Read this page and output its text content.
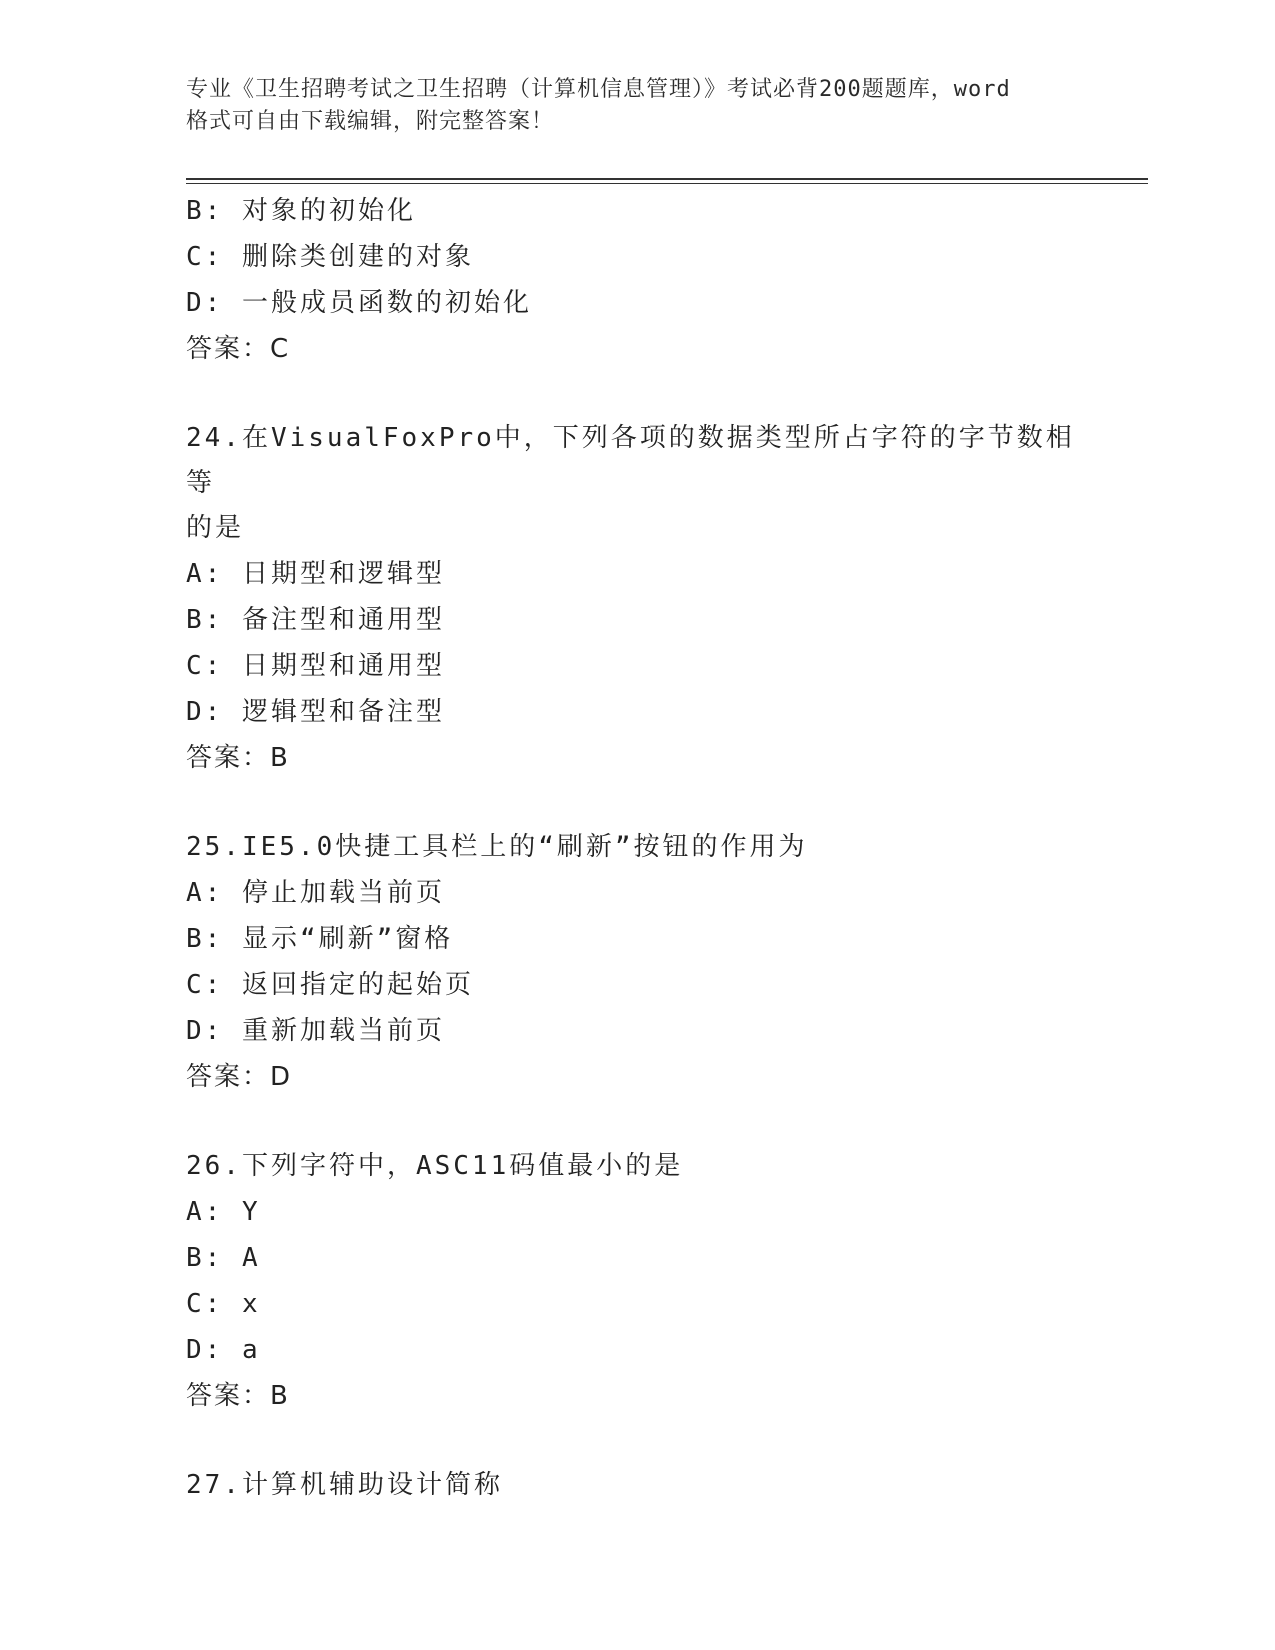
专业《卫生招聘考试之卫生招聘（计算机信息管理）》考试必背200题题库，word
格式可自由下载编辑，附完整答案！
B: 对象的初始化
C: 删除类创建的对象
D: 一般成员函数的初始化
答案：C
24.在VisualFoxPro中，下列各项的数据类型所占字符的字节数相等
的是
A: 日期型和逻辑型
B: 备注型和通用型
C: 日期型和通用型
D: 逻辑型和备注型
答案：B
25.IE5.0快捷工具栏上的“刷新”按钮的作用为
A: 停止加载当前页
B: 显示“刷新”窗格
C: 返回指定的起始页
D: 重新加载当前页
答案：D
26.下列字符中，ASC11码值最小的是
A: Y
B: A
C: x
D: a
答案：B
27.计算机辅助设计简称
